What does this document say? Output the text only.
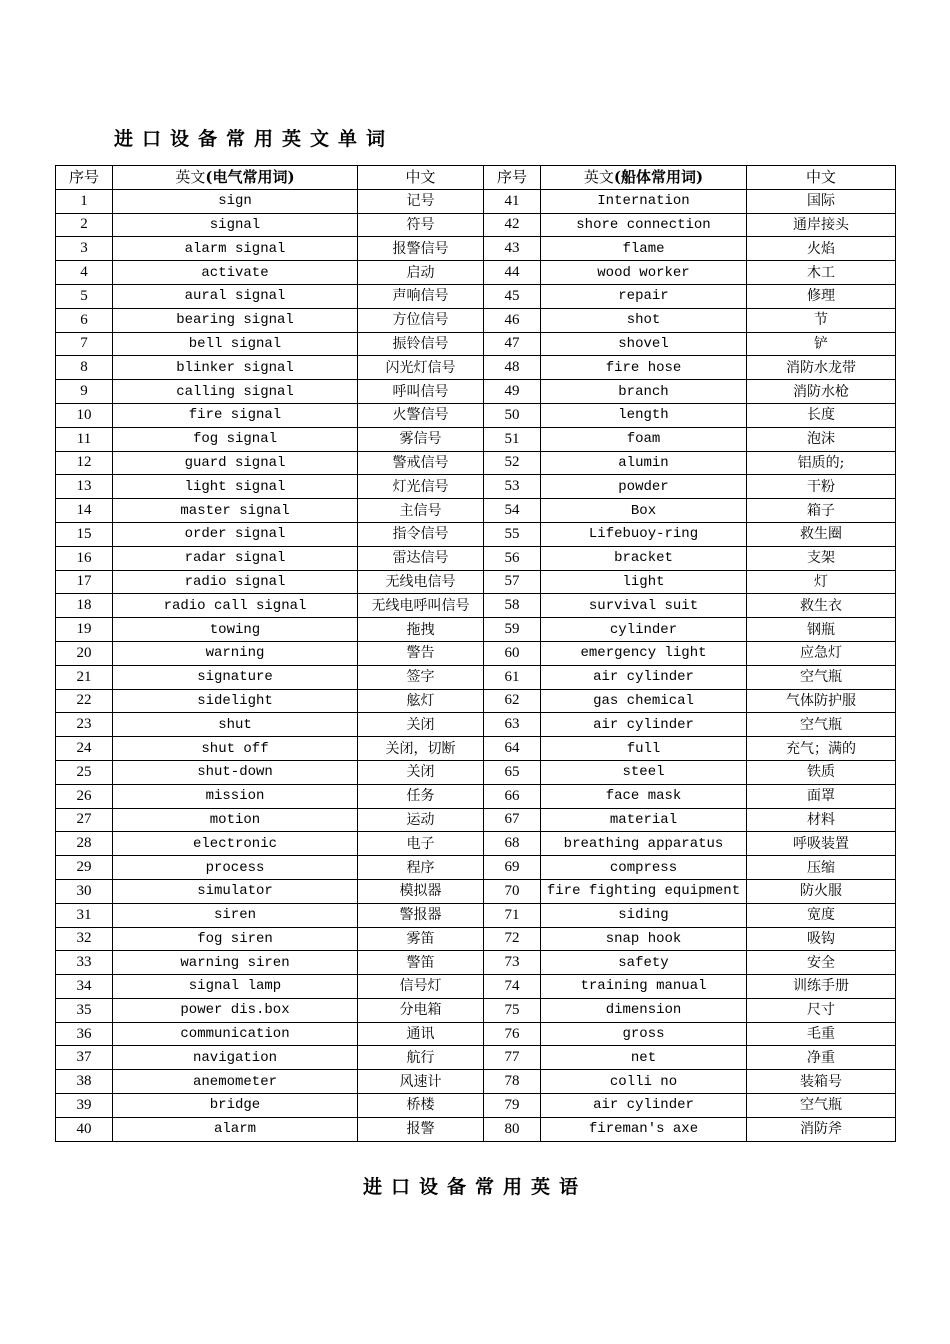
进口设备常用英文单词
序号	英文(电气常用词)	中文	序号	英文(船体常用词)	中文
1	sign	记号	41	Internation	国际
2	signal	符号	42	shore connection	通岸接头
3	alarm signal	报警信号	43	flame	火焰
4	activate	启动	44	wood worker	木工
5	aural signal	声响信号	45	repair	修理
6	bearing signal	方位信号	46	shot	节
7	bell signal	振铃信号	47	shovel	铲
8	blinker signal	闪光灯信号	48	fire hose	消防水龙带
9	calling signal	呼叫信号	49	branch	消防水枪
10	fire signal	火警信号	50	length	长度
11	fog signal	雾信号	51	foam	泡沫
12	guard signal	警戒信号	52	alumin	铝质的;
13	light signal	灯光信号	53	powder	干粉
14	master signal	主信号	54	Box	箱子
15	order signal	指令信号	55	Lifebuoy-ring	救生圈
16	radar signal	雷达信号	56	bracket	支架
17	radio signal	无线电信号	57	light	灯
18	radio call signal	无线电呼叫信号	58	survival suit	救生衣
19	towing	拖拽	59	cylinder	钢瓶
20	warning	警告	60	emergency light	应急灯
21	signature	签字	61	air cylinder	空气瓶
22	sidelight	舷灯	62	gas chemical	气体防护服
23	shut	关闭	63	air cylinder	空气瓶
24	shut off	关闭，切断	64	full	充气；满的
25	shut-down	关闭	65	steel	铁质
26	mission	任务	66	face mask	面罩
27	motion	运动	67	material	材料
28	electronic	电子	68	breathing apparatus	呼吸装置
29	process	程序	69	compress	压缩
30	simulator	模拟器	70	fire fighting equipment	防火服
31	siren	警报器	71	siding	宽度
32	fog siren	雾笛	72	snap hook	吸钩
33	warning siren	警笛	73	safety	安全
34	signal lamp	信号灯	74	training manual	训练手册
35	power dis.box	分电箱	75	dimension	尺寸
36	communication	通讯	76	gross	毛重
37	navigation	航行	77	net	净重
38	anemometer	风速计	78	colli no	装箱号
39	bridge	桥楼	79	air cylinder	空气瓶
40	alarm	报警	80	fireman's axe	消防斧
进口设备常用英语
